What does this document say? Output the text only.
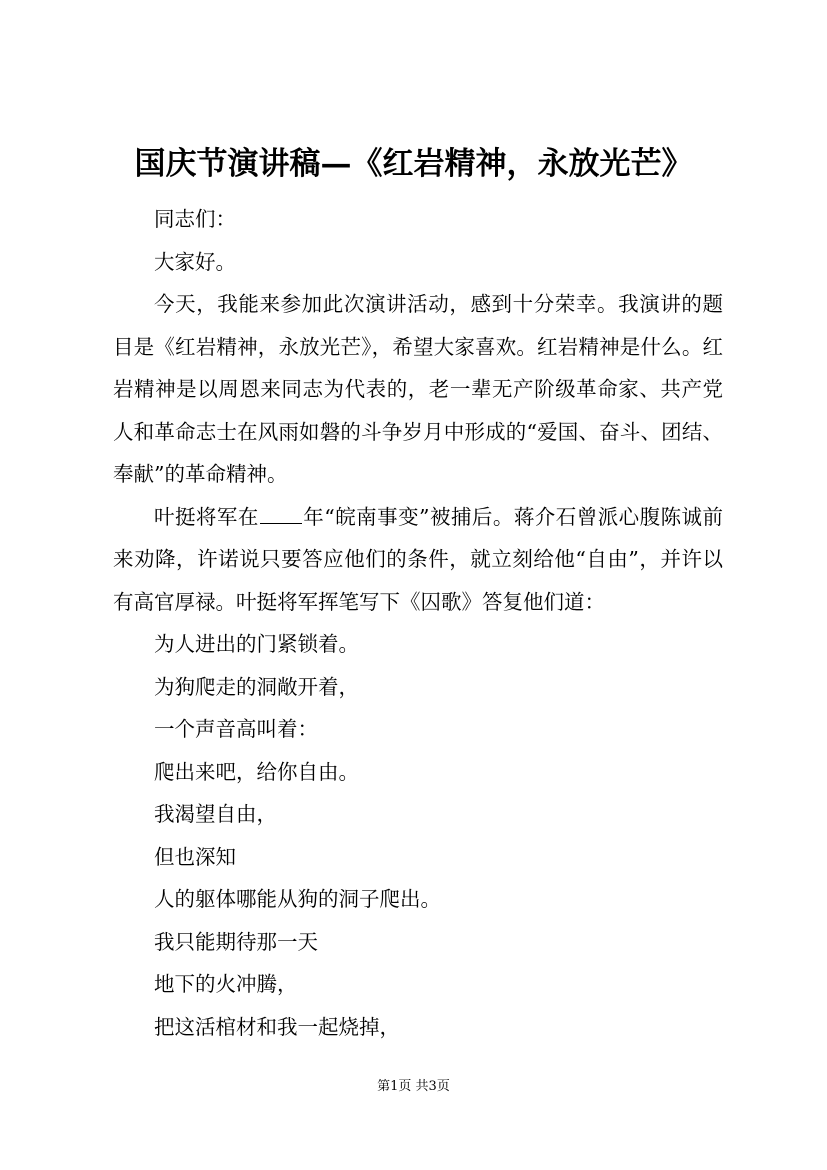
国庆节演讲稿—《红岩精神，永放光芒》

同志们：

大家好。

今天，我能来参加此次演讲活动，感到十分荣幸。我演讲的题目是《红岩精神，永放光芒》，希望大家喜欢。红岩精神是什么。红岩精神是以周恩来同志为代表的，老一辈无产阶级革命家、共产党人和革命志士在风雨如磐的斗争岁月中形成的“爱国、奋斗、团结、奉献”的革命精神。

叶挺将军在 年“皖南事变”被捕后。蒋介石曾派心腹陈诚前来劝降，许诺说只要答应他们的条件，就立刻给他“自由”，并许以有高官厚禄。叶挺将军挥笔写下《囚歌》答复他们道：

为人进出的门紧锁着。

为狗爬走的洞敞开着，

一个声音高叫着：

爬出来吧，给你自由。

我渴望自由，

但也深知

人的躯体哪能从狗的洞子爬出。

我只能期待那一天

地下的火冲腾，

把这活棺材和我一起烧掉，

第1页 共3页
